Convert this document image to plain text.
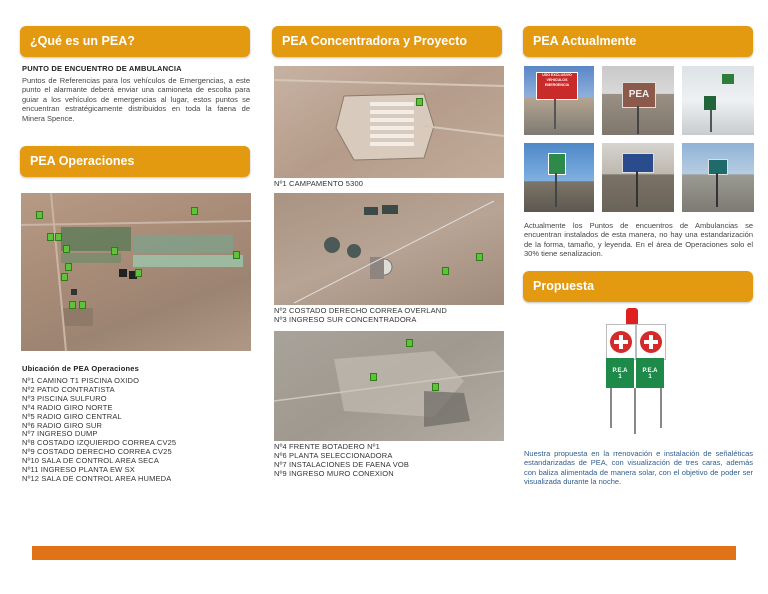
¿Qué es un PEA?
PUNTO DE ENCUENTRO DE AMBULANCIA
Puntos de Referencias para los vehículos de Emergencias, a este punto el alarmante deberá enviar una camioneta de escolta para guiar a los vehículos de emergencias al lugar, estos puntos se encuentran estratégicamente distribuidos en toda la faena de Minera Spence.
PEA Operaciones
Ubicación de PEA Operaciones
Nº1 CAMINO T1 PISCINA OXIDO
Nº2 PATIO CONTRATISTA
Nº3 PISCINA SULFURO
Nº4 RADIO GIRO NORTE
Nº5 RADIO GIRO CENTRAL
Nº6 RADIO GIRO SUR
Nº7 INGRESO DUMP
Nº8 COSTADO IZQUIERDO CORREA CV25
Nº9 COSTADO DERECHO CORREA CV25
Nº10 SALA DE CONTROL AREA SECA
Nº11 INGRESO PLANTA EW SX
Nº12 SALA DE CONTROL AREA HUMEDA
PEA Concentradora y Proyecto
Nº1 CAMPAMENTO 5300
Nº2 COSTADO DERECHO CORREA OVERLAND
Nº3 INGRESO SUR CONCENTRADORA
Nº4 FRENTE BOTADERO Nº1
Nº6 PLANTA SELECCIONADORA
Nº7 INSTALACIONES DE FAENA VOB
Nº9 INGRESO MURO CONEXION
PEA Actualmente
USO EXCLUSIVO VEHICULOS EMERGENCIA
PEA
Actualmente los Puntos de encuentros de Ambulancias se encuentran instalados de esta manera, no hay una estandarización de la forma, tamaño, y leyenda. En el área de Operaciones solo el 30% tiene senalizacion.
Propuesta
P.E.A
1
P.E.A
1
Nuestra propuesta en la rrenovación e instalación de señaléticas estandarizadas de PEA, con visualización de tres caras, además con baliza alimentada de manera solar, con el objetivo de poder ser visualizada durante la noche.
